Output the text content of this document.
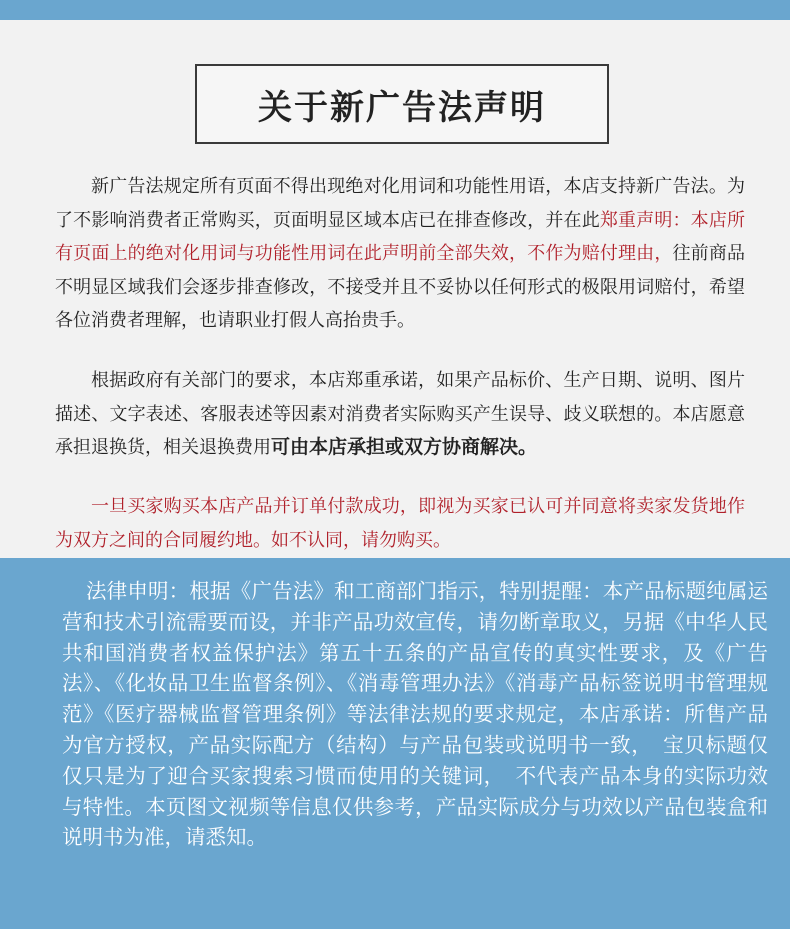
关于新广告法声明

新广告法规定所有页面不得出现绝对化用词和功能性用语，本店支持新广告法。为了不影响消费者正常购买，页面明显区域本店已在排查修改，并在此郑重声明：本店所有页面上的绝对化用词与功能性用词在此声明前全部失效，不作为赔付理由，往前商品不明显区域我们会逐步排查修改，不接受并且不妥协以任何形式的极限用词赔付，希望各位消费者理解，也请职业打假人高抬贵手。

根据政府有关部门的要求，本店郑重承诺，如果产品标价、生产日期、说明、图片描述、文字表述、客服表述等因素对消费者实际购买产生误导、歧义联想的。本店愿意承担退换货，相关退换费用可由本店承担或双方协商解决。

一旦买家购买本店产品并订单付款成功，即视为买家已认可并同意将卖家发货地作为双方之间的合同履约地。如不认同，请勿购买。

法律申明：根据《广告法》和工商部门指示，特别提醒：本产品标题纯属运营和技术引流需要而设，并非产品功效宣传，请勿断章取义，另据《中华人民共和国消费者权益保护法》第五十五条的产品宣传的真实性要求，及《广告法》、《化妆品卫生监督条例》、《消毒管理办法》《消毒产品标签说明书管理规范》《医疗器械监督管理条例》等法律法规的要求规定，本店承诺：所售产品为官方授权，产品实际配方（结构）与产品包装或说明书一致，　宝贝标题仅仅只是为了迎合买家搜索习惯而使用的关键词，　不代表产品本身的实际功效与特性。本页图文视频等信息仅供参考，产品实际成分与功效以产品包装盒和说明书为准，请悉知。
